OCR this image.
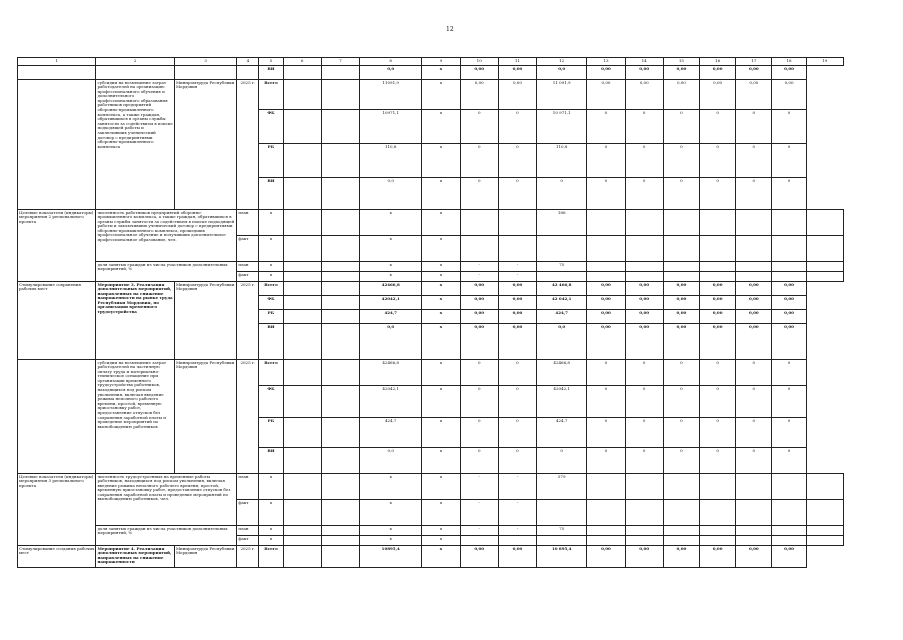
12
1	2	3	4	5	6	7	8	9	10	11	12	13	14	15	16	17	18	19
				ВИ			0,0	x	0,00	0,00	0,0	0,00	0,00	0,00	0,00	0,00	0,00	
	субсидии на возмещение затрат работодателей на организацию профессионального обучения и дополнительного профессионального образования работников предприятий оборонно-промышленного комплекса, а также граждан, обратившихся в органы службы занятости за содействием в поиске подходящей работы и заключивших ученический договор с предприятиями оборонно-промышленного комплекса	Минпромтруда Республики Мордовия	2025 г.	Всего			11091,9	x	0,00	0,00	11 091,9	0,00	0,00	0,00	0,00	0,00	0,00	
				ФБ			10971,1	x	0	0	10 971,1	0	0	0	0	0	0	
				РБ			110,8	x	0	0	110,8	0	0	0	0	0	0	
				ВИ			0,0	x	0	0	0	0	0	0	0	0	0	
Целевые показатели (индикаторы) мероприятия 2 регионального проекта	численность работников предприятий оборонно-промышленного комплекса, а также граждан, обратившихся в органы службы занятости за содействием в поиске подходящей работы и заключивших ученический договор с предприятиями оборонно-промышленного комплекса, прошедших профессиональное обучение и получивших дополнительное профессиональное образование, чел.		план	x			x	x			186							
			факт	x			x	x										
	доля занятых граждан из числа участников дополнительных мероприятий, %		план	x			x	x	-	-	75							
			факт	x			x	x	-	-								
Стимулирование сохранения рабочих мест	Мероприятие 3. Реализация дополнительных мероприятий, направленных на снижение напряженности на рынке труда Республики Мордовия, по организации временного трудоустройства	Минпромтруда Республики Мордовия	2025 г.	Всего			42466,8	x	0,00	0,00	42 466,8	0,00	0,00	0,00	0,00	0,00	0,00	
				ФБ			42042,1	x	0,00	0,00	42 042,1	0,00	0,00	0,00	0,00	0,00	0,00	
				РБ			424,7	x	0,00	0,00	424,7	0,00	0,00	0,00	0,00	0,00	0,00	
				ВИ			0,0	x	0,00	0,00	0,0	0,00	0,00	0,00	0,00	0,00	0,00	
	субсидии на возмещение затрат работодателей на частичную оплату труда и материально-техническое оснащение при организации временного трудоустройства работников, находящихся под риском увольнения, включая введение режима неполного рабочего времени, простой, временную приостановку работ, предоставление отпусков без сохранения заработной платы и проведение мероприятий по высвобождению работников	Минпромтруда Республики Мордовия	2025 г.	Всего			42466,8	x	0	0	42466,8	0	0	0	0	0	0	
				ФБ			42042,1	x	0	0	42042,1	0	0	0	0	0	0	
				РБ			424,7	x	0	0	424,7	0	0	0	0	0	0	
				ВИ			0,0	x	0	0	0	0	0	0	0	0	0	
Целевые показатели (индикаторы) мероприятия 3 регионального проекта	численность трудоустроенных на временные работы работников, находящихся под риском увольнения, включая введение режима неполного рабочего времени, простой, временную приостановку работ, предоставление отпусков без сохранения заработной платы и проведение мероприятий по высвобождению работников, чел.		план	x			x	x	-	-	579							
			факт	x			x	x	-	-								
	доля занятых граждан из числа участников дополнительных мероприятий, %		план	x			x	x	-	-	75							
			факт	x			x	x										
Стимулирование создания рабочих мест	Мероприятие 4. Реализация дополнительных мероприятий, направленных на снижение напряженности	Минпромтруда Республики Мордовия	2025 г.	Всего			10895,4	x	0,00	0,00	10 895,4	0,00	0,00	0,00	0,00	0,00	0,00	
